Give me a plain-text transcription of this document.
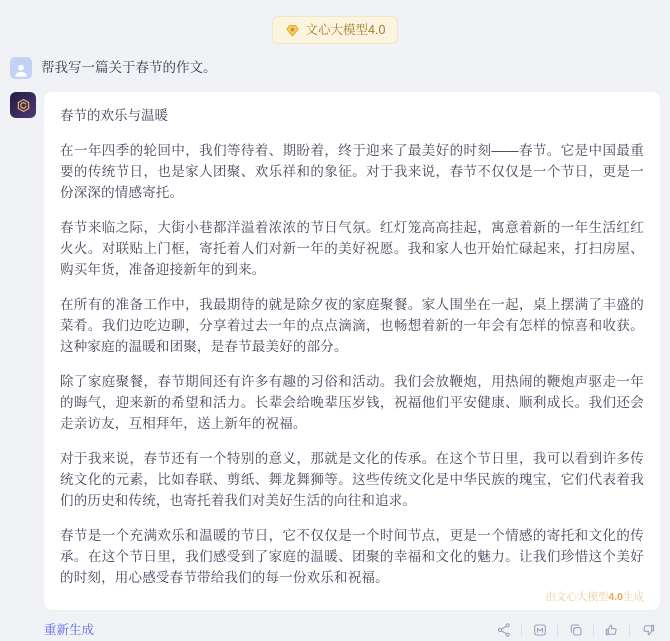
文心大模型4.0
帮我写一篇关于春节的作文。

春节的欢乐与温暖

在一年四季的轮回中，我们等待着、期盼着，终于迎来了最美好的时刻——春节。它是中国最重要的传统节日，也是家人团聚、欢乐祥和的象征。对于我来说，春节不仅仅是一个节日，更是一份深深的情感寄托。

春节来临之际，大街小巷都洋溢着浓浓的节日气氛。红灯笼高高挂起，寓意着新的一年生活红红火火。对联贴上门框，寄托着人们对新一年的美好祝愿。我和家人也开始忙碌起来，打扫房屋、购买年货，准备迎接新年的到来。

在所有的准备工作中，我最期待的就是除夕夜的家庭聚餐。家人围坐在一起，桌上摆满了丰盛的菜肴。我们边吃边聊，分享着过去一年的点点滴滴，也畅想着新的一年会有怎样的惊喜和收获。这种家庭的温暖和团聚，是春节最美好的部分。

除了家庭聚餐，春节期间还有许多有趣的习俗和活动。我们会放鞭炮，用热闹的鞭炮声驱走一年的晦气，迎来新的希望和活力。长辈会给晚辈压岁钱，祝福他们平安健康、顺利成长。我们还会走亲访友，互相拜年，送上新年的祝福。

对于我来说，春节还有一个特别的意义，那就是文化的传承。在这个节日里，我可以看到许多传统文化的元素，比如春联、剪纸、舞龙舞狮等。这些传统文化是中华民族的瑰宝，它们代表着我们的历史和传统，也寄托着我们对美好生活的向往和追求。

春节是一个充满欢乐和温暖的节日，它不仅仅是一个时间节点，更是一个情感的寄托和文化的传承。在这个节日里，我们感受到了家庭的温暖、团聚的幸福和文化的魅力。让我们珍惜这个美好的时刻，用心感受春节带给我们的每一份欢乐和祝福。

由文心大模型4.0生成
重新生成
